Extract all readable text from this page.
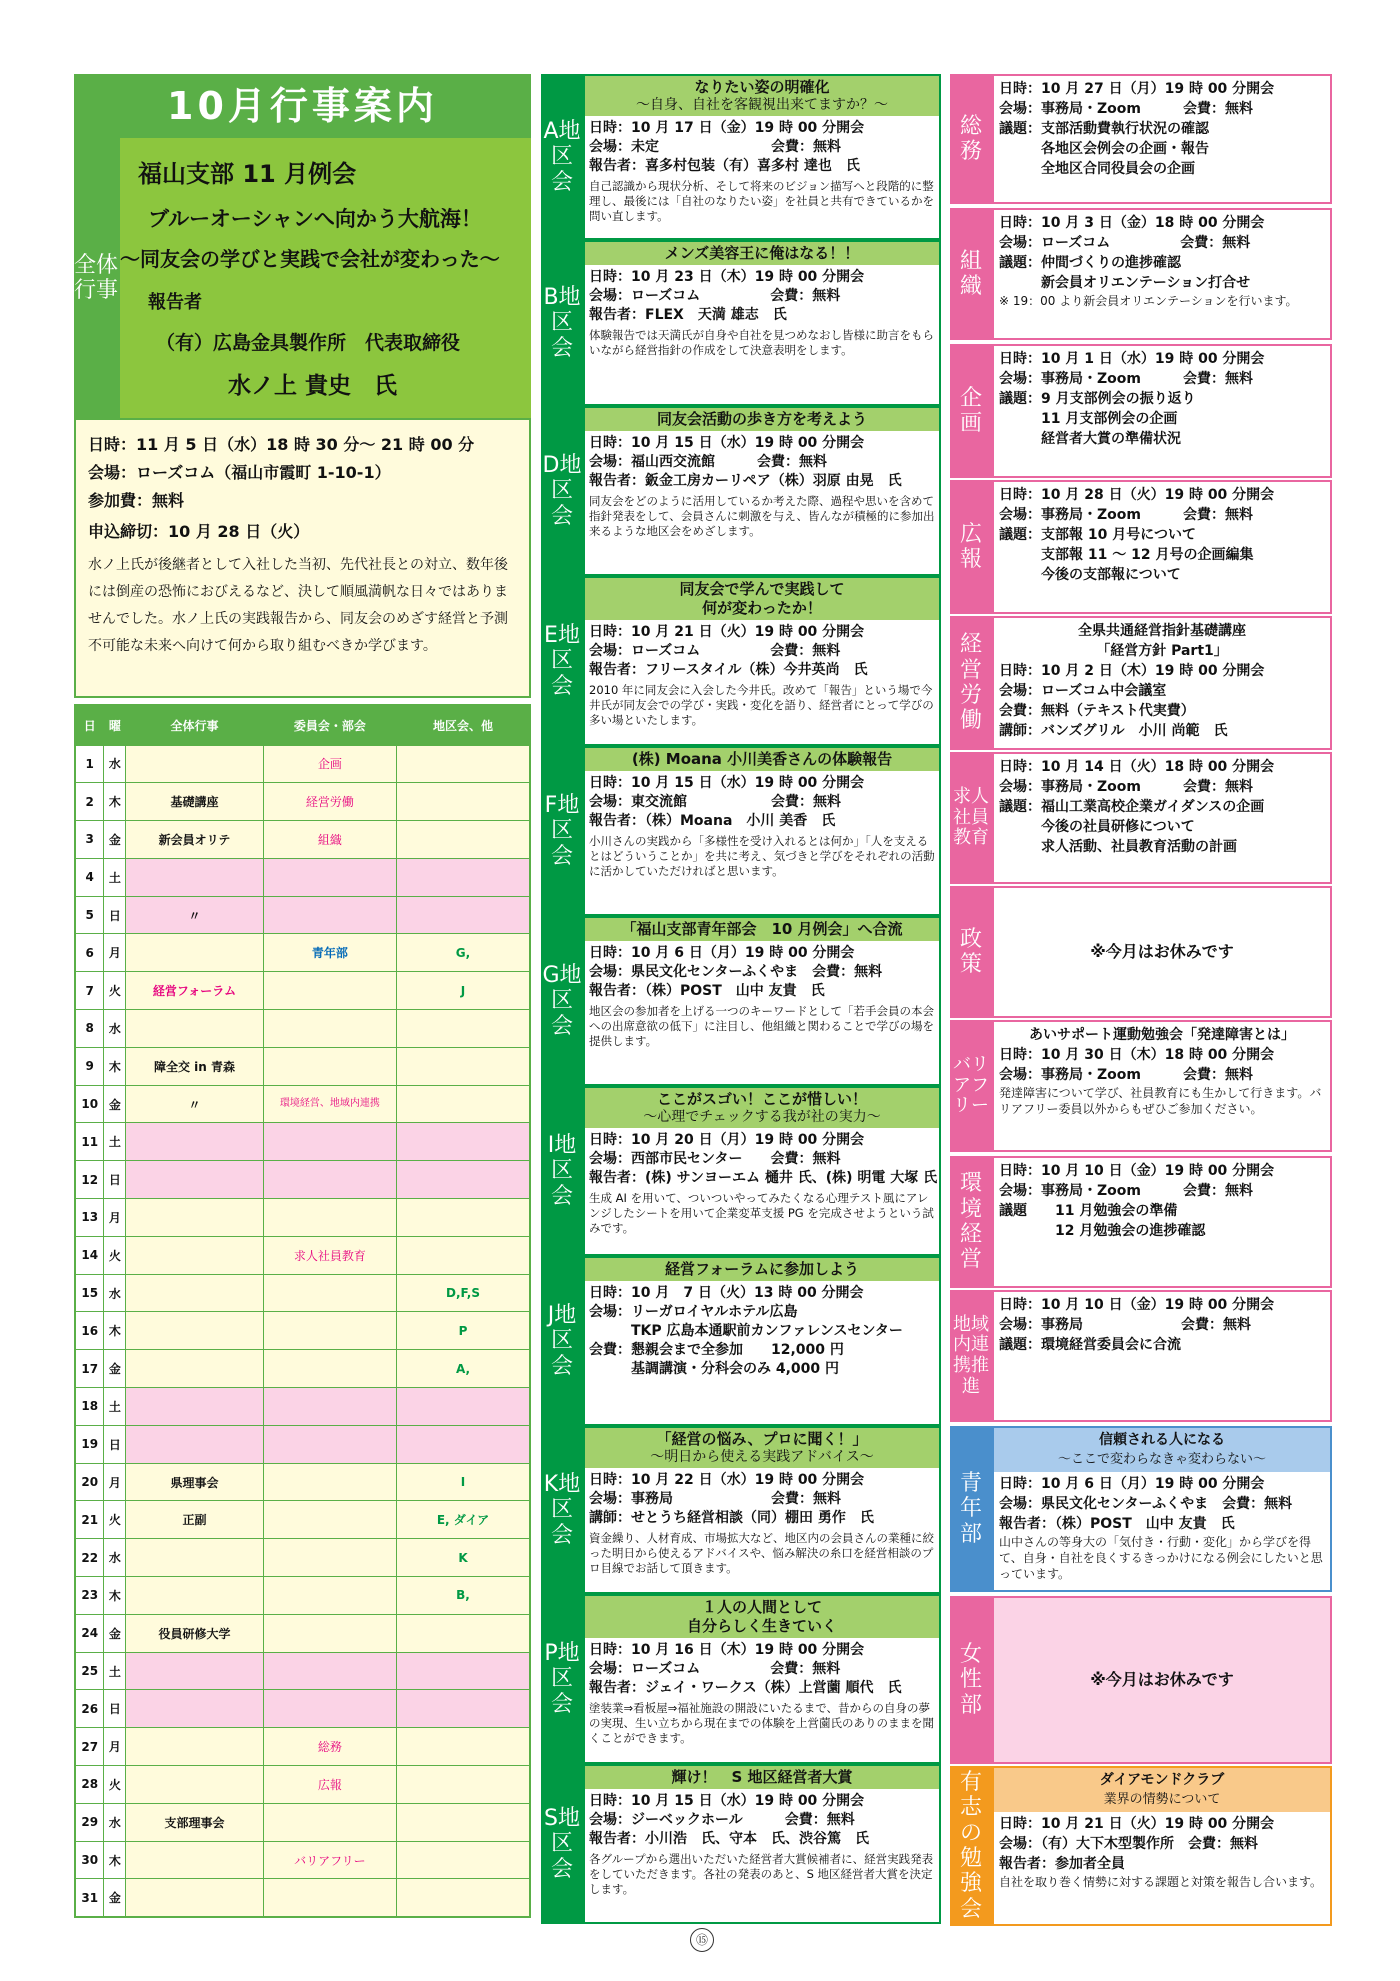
10月行事案内
全体行事
福山支部 11 月例会
ブルーオーシャンへ向かう大航海！
～同友会の学びと実践で会社が変わった～
報告者
（有）広島金具製作所　代表取締役
水ノ上 貴史　氏
日時：11 月 5 日（水）18 時 30 分～ 21 時 00 分
会場：ローズコム（福山市霞町 1-10-1）
参加費：無料
申込締切：10 月 28 日（火）
水ノ上氏が後継者として入社した当初、先代社長との対立、数年後には倒産の恐怖におびえるなど、決して順風満帆な日々ではありませんでした。水ノ上氏の実践報告から、同友会のめざす経営と予測不可能な未来へ向けて何から取り組むべきか学びます。
日	曜	全体行事	委員会・部会	地区会、他
1	水		企画	
2	木	基礎講座	経営労働	
3	金	新会員オリテ	組織	
4	土			
5	日	〃		
6	月		青年部	G,
7	火	経営フォーラム		J
8	水			
9	木	障全交 in 青森		
10	金	〃	環境経営、地域内連携	
11	土			
12	日			
13	月			
14	火		求人社員教育	
15	水			D,F,S
16	木			P
17	金			A,
18	土			
19	日			
20	月	県理事会		I
21	火	正副		E, ダイア
22	水			K
23	木			B,
24	金	役員研修大学		
25	土			
26	日			
27	月		総務	
28	火		広報	
29	水	支部理事会		
30	木		バリアフリー	
31	金			
A地区会
なりたい姿の明確化
～自身、自社を客観視出来てますか？～
日時：10 月 17 日（金）19 時 00 分開会
会場：未定　　　　　　　　会費：無料
報告者：喜多村包装（有）喜多村 達也　氏
自己認識から現状分析、そして将来のビジョン描写へと段階的に整理し、最後には「自社のなりたい姿」を社員と共有できているかを問い直します。
B地区会
メンズ美容王に俺はなる！！
日時：10 月 23 日（木）19 時 00 分開会
会場：ローズコム　　　　　会費：無料
報告者：FLEX　天満 雄志　氏
体験報告では天満氏が自身や自社を見つめなおし皆様に助言をもらいながら経営指針の作成をして決意表明をします。
D地区会
同友会活動の歩き方を考えよう
日時：10 月 15 日（水）19 時 00 分開会
会場：福山西交流館　　　会費：無料
報告者：鈑金工房カーリペア（株）羽原 由晃　氏
同友会をどのように活用しているか考えた際、過程や思いを含めて指針発表をして、会員さんに刺激を与え、皆んなが積極的に参加出来るような地区会をめざします。
E地区会
同友会で学んで実践して
何が変わったか！
日時：10 月 21 日（火）19 時 00 分開会
会場：ローズコム　　　　　会費：無料
報告者：フリースタイル（株）今井英尚　氏
2010 年に同友会に入会した今井氏。改めて「報告」という場で今井氏が同友会での学び・実践・変化を語り、経営者にとって学びの多い場といたします。
F地区会
(株) Moana 小川美香さんの体験報告
日時：10 月 15 日（水）19 時 00 分開会
会場：東交流館　　　　　　会費：無料
報告者：（株）Moana　小川 美香　氏
小川さんの実践から「多様性を受け入れるとは何か」「人を支えるとはどういうことか」を共に考え、気づきと学びをそれぞれの活動に活かしていただければと思います。
G地区会
「福山支部青年部会　10 月例会」へ合流
日時：10 月 6 日（月）19 時 00 分開会
会場：県民文化センターふくやま　会費：無料
報告者：（株）POST　山中 友貴　氏
地区会の参加者を上げる一つのキーワードとして「若手会員の本会への出席意欲の低下」に注目し、他組織と関わることで学びの場を提供します。
I地区会
ここがスゴい！ここが惜しい！
～心理でチェックする我が社の実力～
日時：10 月 20 日（月）19 時 00 分開会
会場：西部市民センター　　会費：無料
報告者：(株) サンヨーエム 樋井 氏、(株) 明電 大塚 氏
生成 AI を用いて、ついついやってみたくなる心理テスト風にアレンジしたシートを用いて企業変革支援 PG を完成させようという試みです。
J地区会
経営フォーラムに参加しよう
日時：10 月　7 日（火）13 時 00 分開会
会場：リーガロイヤルホテル広島
　　　TKP 広島本通駅前カンファレンスセンター
会費：懇親会まで全参加　　12,000 円
　　　基調講演・分科会のみ 4,000 円
K地区会
「経営の悩み、プロに聞く！」
～明日から使える実践アドバイス～
日時：10 月 22 日（水）19 時 00 分開会
会場：事務局　　　　　　　会費：無料
講師：せとうち経営相談（同）棚田 勇作　氏
資金繰り、人材育成、市場拡大など、地区内の会員さんの業種に絞った明日から使えるアドバイスや、悩み解決の糸口を経営相談のプロ目線でお話して頂きます。
P地区会
１人の人間として
自分らしく生きていく
日時：10 月 16 日（木）19 時 00 分開会
会場：ローズコム　　　　　会費：無料
報告者：ジェイ・ワークス（株）上営薗 順代　氏
塗装業⇒看板屋⇒福祉施設の開設にいたるまで、昔からの自身の夢の実現、生い立ちから現在までの体験を上営薗氏のありのままを聞くことができます。
S地区会
輝け！　S 地区経営者大賞
日時：10 月 15 日（水）19 時 00 分開会
会場：ジーベックホール　　　会費：無料
報告者：小川浩　氏、守本　氏、渋谷篤　氏
各グループから選出いただいた経営者大賞候補者に、経営実践発表をしていただきます。各社の発表のあと、S 地区経営者大賞を決定します。
総務
日時：10 月 27 日（月）19 時 00 分開会
会場：事務局・Zoom　　　会費：無料
議題：支部活動費執行状況の確認
　　　各地区会例会の企画・報告
　　　全地区合同役員会の企画
組織
日時：10 月 3 日（金）18 時 00 分開会
会場：ローズコム　　　　　会費：無料
議題：仲間づくりの進捗確認
　　　新会員オリエンテーション打合せ
※ 19：00 より新会員オリエンテーションを行います。
企画
日時：10 月 1 日（水）19 時 00 分開会
会場：事務局・Zoom　　　会費：無料
議題：9 月支部例会の振り返り
　　　11 月支部例会の企画
　　　経営者大賞の準備状況
広報
日時：10 月 28 日（火）19 時 00 分開会
会場：事務局・Zoom　　　会費：無料
議題：支部報 10 月号について
　　　支部報 11 ～ 12 月号の企画編集
　　　今後の支部報について
経営労働
全県共通経営指針基礎講座
「経営方針 Part1」
日時：10 月 2 日（木）19 時 00 分開会
会場：ローズコム中会議室
会費：無料（テキスト代実費）
講師：バンズグリル　小川 尚範　氏
求人社員教育
日時：10 月 14 日（火）18 時 00 分開会
会場：事務局・Zoom　　　会費：無料
議題：福山工業高校企業ガイダンスの企画
　　　今後の社員研修について
　　　求人活動、社員教育活動の計画
政策
※今月はお休みです
バリアフリー
あいサポート運動勉強会「発達障害とは」
日時：10 月 30 日（木）18 時 00 分開会
会場：事務局・Zoom　　　会費：無料
発達障害について学び、社員教育にも生かして行きます。バリアフリー委員以外からもぜひご参加ください。
環境経営
日時：10 月 10 日（金）19 時 00 分開会
会場：事務局・Zoom　　　会費：無料
議題　　11 月勉強会の準備
　　　　12 月勉強会の進捗確認
地域内連携推進
日時：10 月 10 日（金）19 時 00 分開会
会場：事務局　　　　　　　会費：無料
議題：環境経営委員会に合流
青年部
信頼される人になる
～ここで変わらなきゃ変わらない～
日時：10 月 6 日（月）19 時 00 分開会
会場：県民文化センターふくやま　会費：無料
報告者：（株）POST　山中 友貴　氏
山中さんの等身大の「気付き・行動・変化」から学びを得て、自身・自社を良くするきっかけになる例会にしたいと思っています。
女性部
※今月はお休みです
有志の勉強会
ダイアモンドクラブ
業界の情勢について
日時：10 月 21 日（火）19 時 00 分開会
会場：（有）大下木型製作所　会費：無料
報告者：参加者全員
自社を取り巻く情勢に対する課題と対策を報告し合います。
⑮
